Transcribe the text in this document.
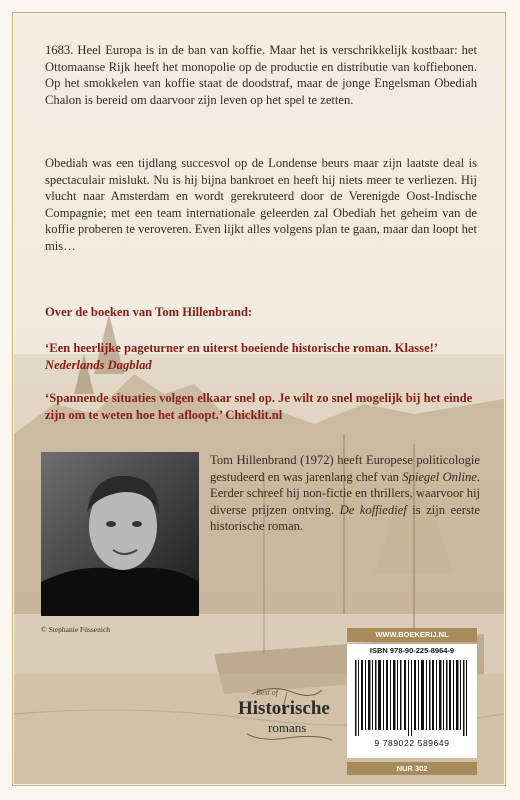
1683. Heel Europa is in de ban van koffie. Maar het is verschrikkelijk kostbaar: het Ottomaanse Rijk heeft het monopolie op de productie en distributie van koffiebonen. Op het smokkelen van koffie staat de doodstraf, maar de jonge Engelsman Obediah Chalon is bereid om daarvoor zijn leven op het spel te zetten.
Obediah was een tijdlang succesvol op de Londense beurs maar zijn laatste deal is spectaculair mislukt. Nu is hij bijna bankroet en heeft hij niets meer te verliezen. Hij vlucht naar Amsterdam en wordt gerekruteerd door de Verenigde Oost-Indische Compagnie; met een team internationale geleerden zal Obediah het geheim van de koffie proberen te veroveren. Even lijkt alles volgens plan te gaan, maar dan loopt het mis…
Over de boeken van Tom Hillenbrand:
‘Een heerlijke pageturner en uiterst boeiende historische roman. Klasse!’
Nederlands Dagblad
‘Spannende situaties volgen elkaar snel op. Je wilt zo snel mogelijk bij het einde zijn om te weten hoe het afloopt.’ Chicklit.nl
© Stephanie Füssenich
Tom Hillenbrand (1972) heeft Europese politicologie gestudeerd en was jarenlang chef van Spiegel Online. Eerder schreef hij non-fictie en thrillers, waarvoor hij diverse prijzen ontving. De koffiedief is zijn eerste historische roman.
Best of
Historische
romans
WWW.BOEKERIJ.NL
ISBN 978-90-225-8964-9
9 789022 589649
NUR 302
